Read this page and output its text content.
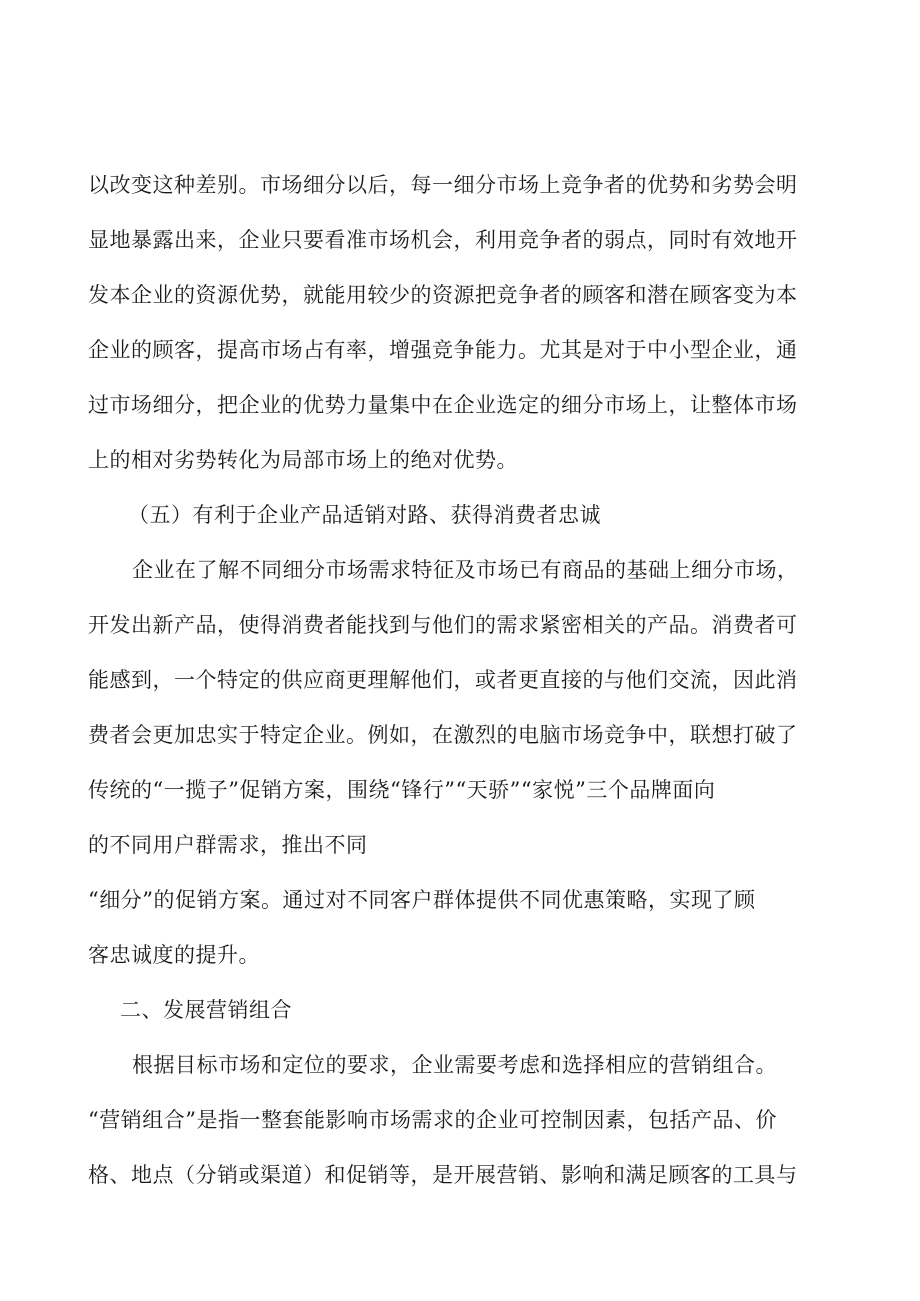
以改变这种差别。市场细分以后，每一细分市场上竞争者的优势和劣势会明
显地暴露出来，企业只要看准市场机会，利用竞争者的弱点，同时有效地开
发本企业的资源优势，就能用较少的资源把竞争者的顾客和潜在顾客变为本
企业的顾客，提高市场占有率，增强竞争能力。尤其是对于中小型企业，通
过市场细分，把企业的优势力量集中在企业选定的细分市场上，让整体市场
上的相对劣势转化为局部市场上的绝对优势。
（五）有利于企业产品适销对路、获得消费者忠诚
企业在了解不同细分市场需求特征及市场已有商品的基础上细分市场，
开发出新产品，使得消费者能找到与他们的需求紧密相关的产品。消费者可
能感到，一个特定的供应商更理解他们，或者更直接的与他们交流，因此消
费者会更加忠实于特定企业。例如，在激烈的电脑市场竞争中，联想打破了
传统的“一揽子”促销方案，围绕“锋行”“天骄”“家悦”三个品牌面向
的不同用户群需求，推出不同
“细分”的促销方案。通过对不同客户群体提供不同优惠策略，实现了顾
客忠诚度的提升。
二、发展营销组合
根据目标市场和定位的要求，企业需要考虑和选择相应的营销组合。
“营销组合”是指一整套能影响市场需求的企业可控制因素，包括产品、价
格、地点（分销或渠道）和促销等，是开展营销、影响和满足顾客的工具与
